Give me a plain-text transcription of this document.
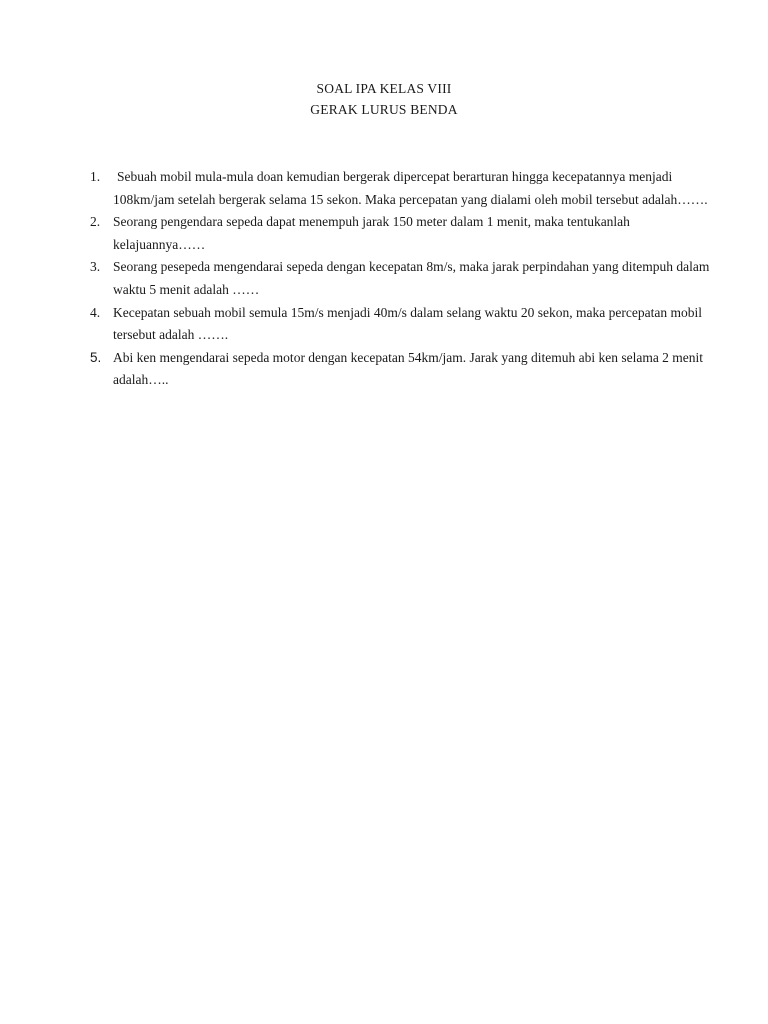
SOAL IPA KELAS VIII
GERAK LURUS BENDA
1.	Sebuah mobil mula-mula doan kemudian bergerak dipercepat berarturan hingga kecepatannya menjadi 108km/jam setelah bergerak selama 15 sekon. Maka percepatan yang dialami oleh mobil tersebut adalah…….
2. Seorang pengendara sepeda dapat menempuh jarak 150 meter dalam 1 menit, maka tentukanlah kelajuannya……
3. Seorang pesepeda mengendarai sepeda dengan kecepatan 8m/s, maka jarak perpindahan yang ditempuh dalam waktu 5 menit adalah ……
4. Kecepatan sebuah mobil semula 15m/s menjadi 40m/s dalam selang waktu 20 sekon, maka percepatan mobil tersebut adalah …….
5. Abi ken mengendarai sepeda motor dengan kecepatan 54km/jam. Jarak yang ditemuh abi ken selama 2 menit adalah…..
